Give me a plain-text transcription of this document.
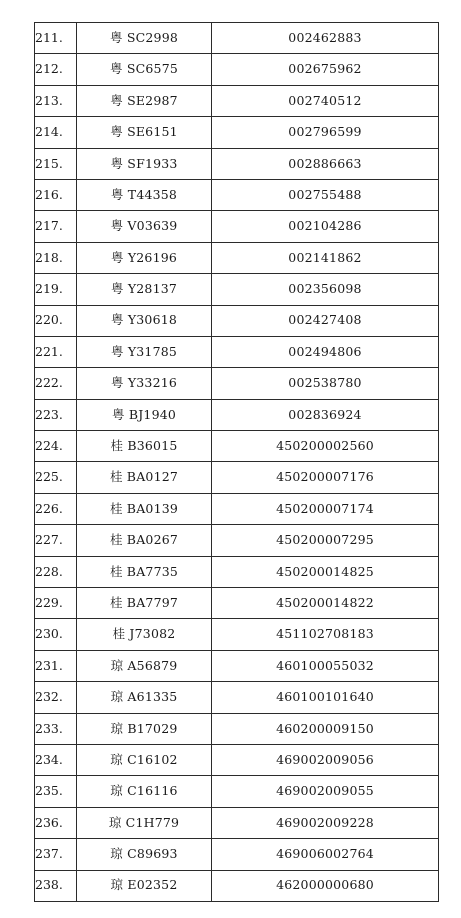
211.	粤 SC2998	002462883
212.	粤 SC6575	002675962
213.	粤 SE2987	002740512
214.	粤 SE6151	002796599
215.	粤 SF1933	002886663
216.	粤 T44358	002755488
217.	粤 V03639	002104286
218.	粤 Y26196	002141862
219.	粤 Y28137	002356098
220.	粤 Y30618	002427408
221.	粤 Y31785	002494806
222.	粤 Y33216	002538780
223.	粤 BJ1940	002836924
224.	桂 B36015	450200002560
225.	桂 BA0127	450200007176
226.	桂 BA0139	450200007174
227.	桂 BA0267	450200007295
228.	桂 BA7735	450200014825
229.	桂 BA7797	450200014822
230.	桂 J73082	451102708183
231.	琼 A56879	460100055032
232.	琼 A61335	460100101640
233.	琼 B17029	460200009150
234.	琼 C16102	469002009056
235.	琼 C16116	469002009055
236.	琼 C1H779	469002009228
237.	琼 C89693	469006002764
238.	琼 E02352	462000000680
